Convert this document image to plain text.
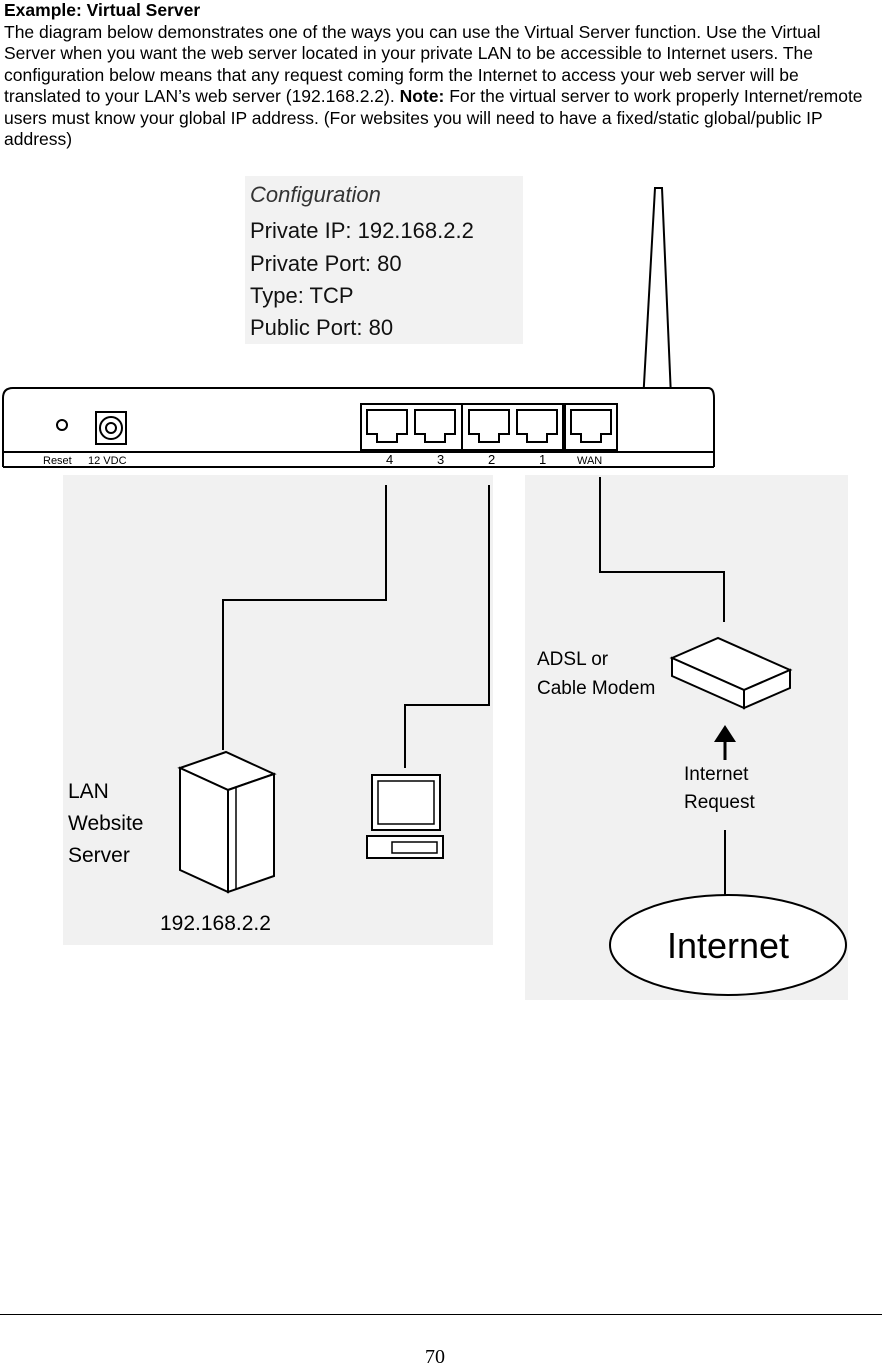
Example: Virtual Server
The diagram below demonstrates one of the ways you can use the Virtual Server function. Use the Virtual Server when you want the web server located in your private LAN to be accessible to Internet users. The configuration below means that any request coming form the Internet to access your web server will be translated to your LAN’s web server (192.168.2.2). Note: For the virtual server to work properly Internet/remote users must know your global IP address. (For websites you will need to have a fixed/static global/public IP address)
Configuration
Private IP: 192.168.2.2
Private Port: 80
Type: TCP
Public Port: 80
Reset 12 VDC	4	3	2	1	WAN
ADSL or
Cable Modem
Internet
Request
Internet
LAN
Website
Server
192.168.2.2
70
